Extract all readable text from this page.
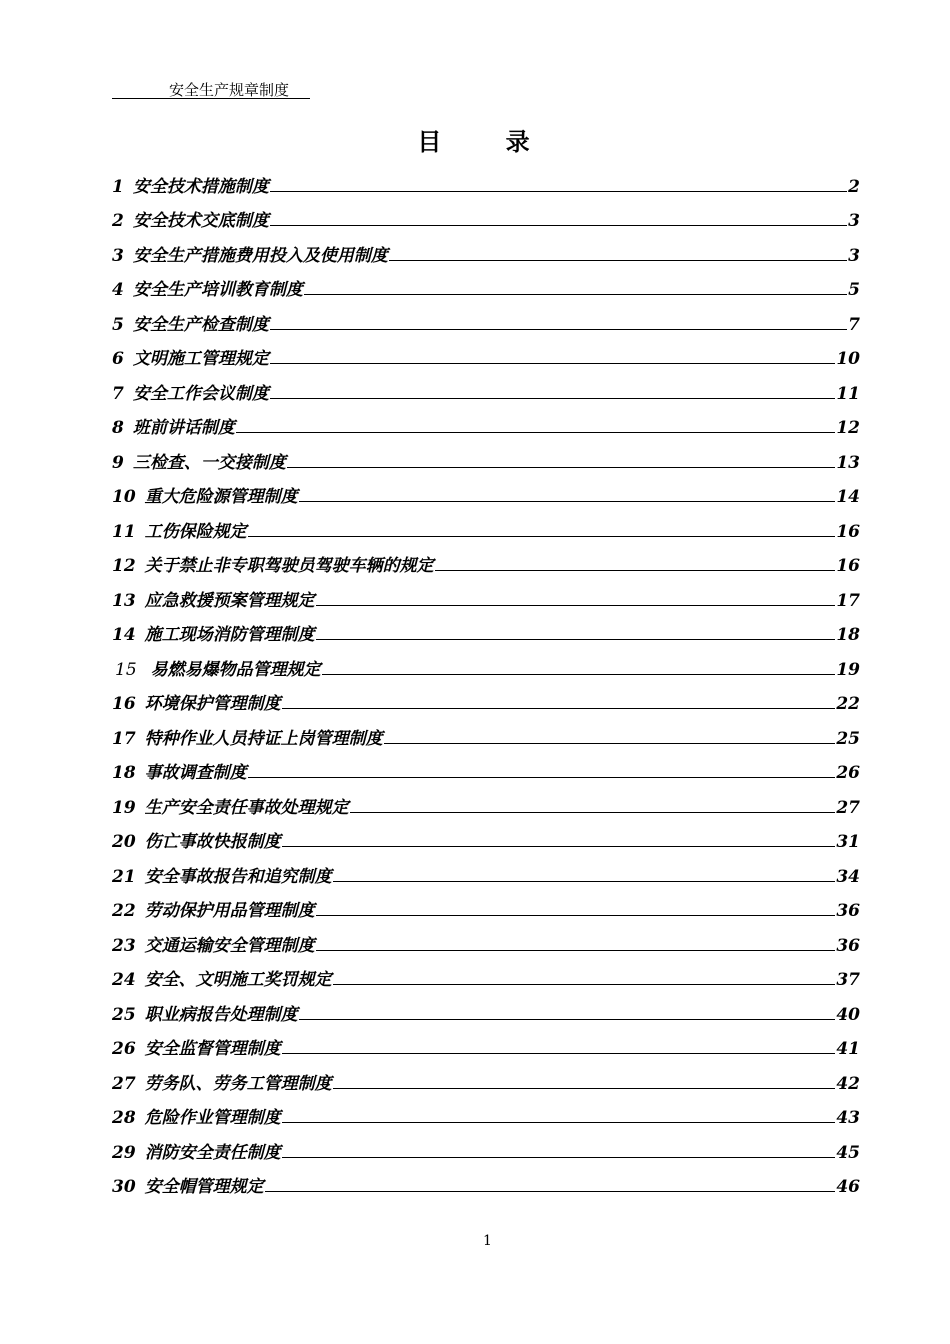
安全生产规章制度
目 录
1 安全技术措施制度	2
2 安全技术交底制度	3
3 安全生产措施费用投入及使用制度	3
4 安全生产培训教育制度	5
5 安全生产检查制度	7
6 文明施工管理规定	10
7 安全工作会议制度	11
8 班前讲话制度	12
9 三检查、一交接制度	13
10 重大危险源管理制度	14
11 工伤保险规定	16
12 关于禁止非专职驾驶员驾驶车辆的规定	16
13 应急救援预案管理规定	17
14 施工现场消防管理制度	18
15 易燃易爆物品管理规定	19
16 环境保护管理制度	22
17 特种作业人员持证上岗管理制度	25
18 事故调查制度	26
19 生产安全责任事故处理规定	27
20 伤亡事故快报制度	31
21 安全事故报告和追究制度	34
22 劳动保护用品管理制度	36
23 交通运输安全管理制度	36
24 安全、文明施工奖罚规定	37
25 职业病报告处理制度	40
26 安全监督管理制度	41
27 劳务队、劳务工管理制度	42
28 危险作业管理制度	43
29 消防安全责任制度	45
30 安全帽管理规定	46
1
